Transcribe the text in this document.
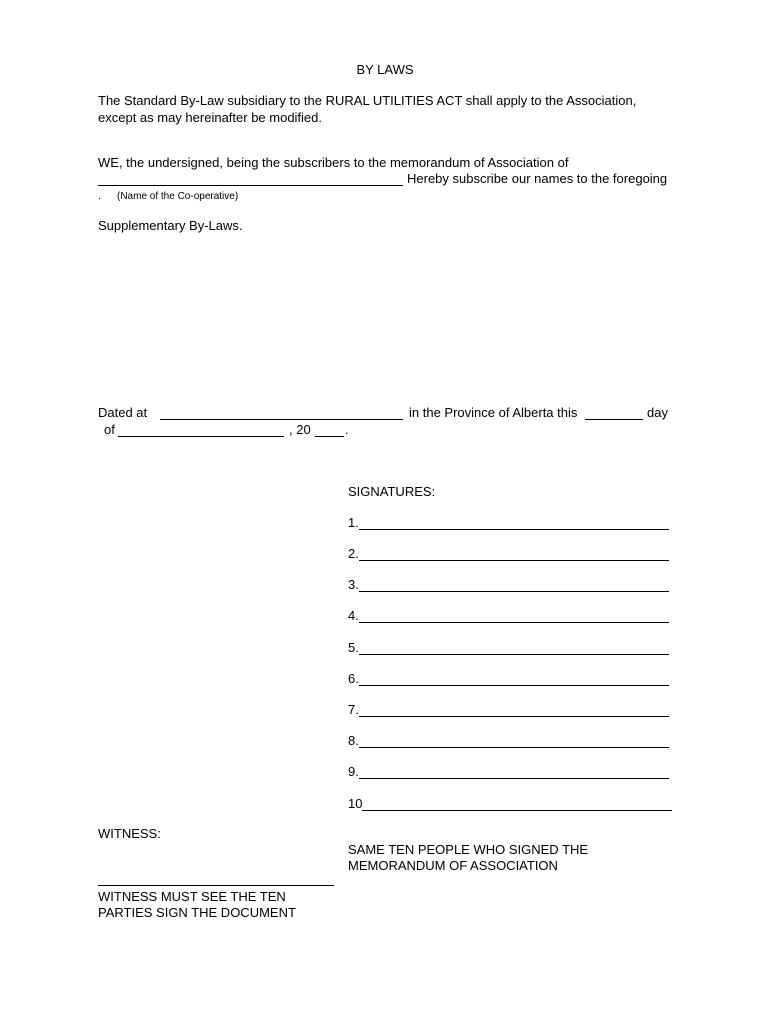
BY LAWS
The Standard By-Law subsidiary to the RURAL UTILITIES ACT shall apply to the Association,
except as may hereinafter be modified.
WE, the undersigned, being the subscribers to the memorandum of Association of
Hereby subscribe our names to the foregoing
. (Name of the Co-operative)
Supplementary By-Laws.
Dated at	in the Province of Alberta this	day
of	, 20	.
SIGNATURES:
1.
2.
3.
4.
5.
6.
7.
8.
9.
10
WITNESS:
SAME TEN PEOPLE WHO SIGNED THE
MEMORANDUM OF ASSOCIATION
WITNESS MUST SEE THE TEN
PARTIES SIGN THE DOCUMENT
